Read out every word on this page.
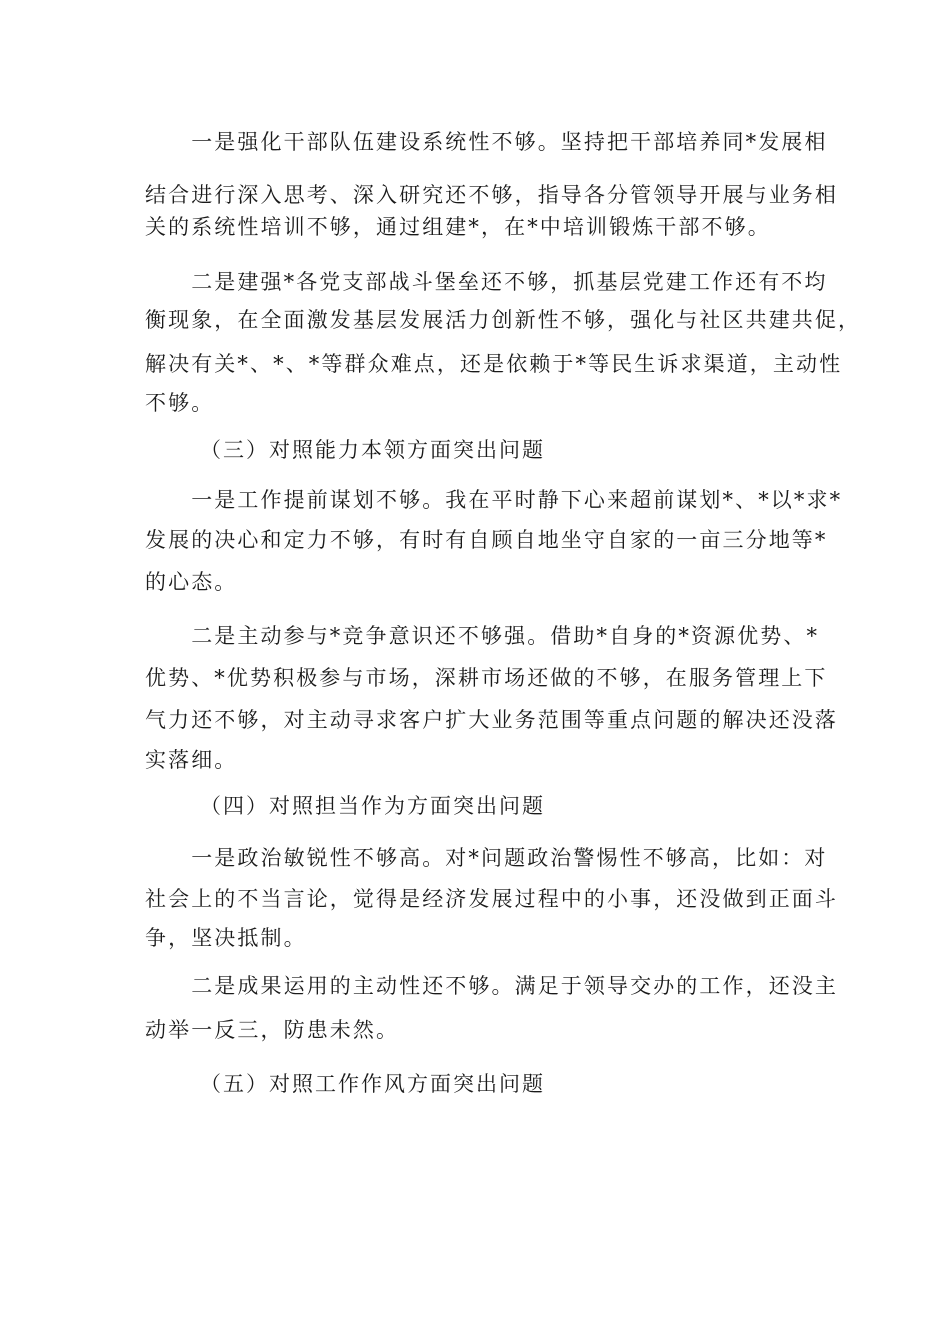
　　一是强化干部队伍建设系统性不够。坚持把干部培养同*发展相
结合进行深入思考、深入研究还不够，指导各分管领导开展与业务相
关的系统性培训不够，通过组建*，在*中培训锻炼干部不够。
　　二是建强*各党支部战斗堡垒还不够，抓基层党建工作还有不均
衡现象，在全面激发基层发展活力创新性不够，强化与社区共建共促，
解决有关*、*、*等群众难点，还是依赖于*等民生诉求渠道，主动性
不够。
（三）对照能力本领方面突出问题
　　一是工作提前谋划不够。我在平时静下心来超前谋划*、*以*求*
发展的决心和定力不够，有时有自顾自地坐守自家的一亩三分地等*
的心态。
　　二是主动参与*竞争意识还不够强。借助*自身的*资源优势、*
优势、*优势积极参与市场，深耕市场还做的不够，在服务管理上下
气力还不够，对主动寻求客户扩大业务范围等重点问题的解决还没落
实落细。
（四）对照担当作为方面突出问题
　　一是政治敏锐性不够高。对*问题政治警惕性不够高，比如：对
社会上的不当言论，觉得是经济发展过程中的小事，还没做到正面斗
争，坚决抵制。
　　二是成果运用的主动性还不够。满足于领导交办的工作，还没主
动举一反三，防患未然。
（五）对照工作作风方面突出问题
